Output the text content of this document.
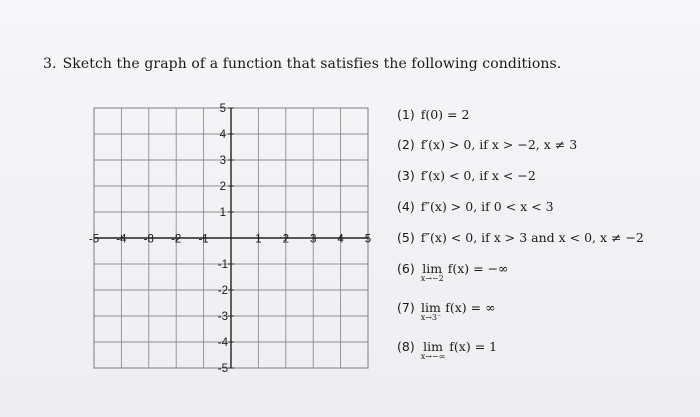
3. Sketch the graph of a function that satisfies the following conditions.
-5 -4 -3 -2 -1	1 2 3 4 5
5
4
3
2
1
-1
-2
-3
-4
-5
(1) f(0) = 2
(2) f′(x) > 0, if x > −2, x ≠ 3
(3) f′(x) < 0, if x < −2
(4) f″(x) > 0, if 0 < x < 3
(5) f″(x) < 0, if x > 3 and x < 0, x ≠ −2
(6) lim
x→−2
f(x) = −∞
(7) lim
x→3⁻
f(x) = ∞
(8) lim
x→−∞
f(x) = 1
